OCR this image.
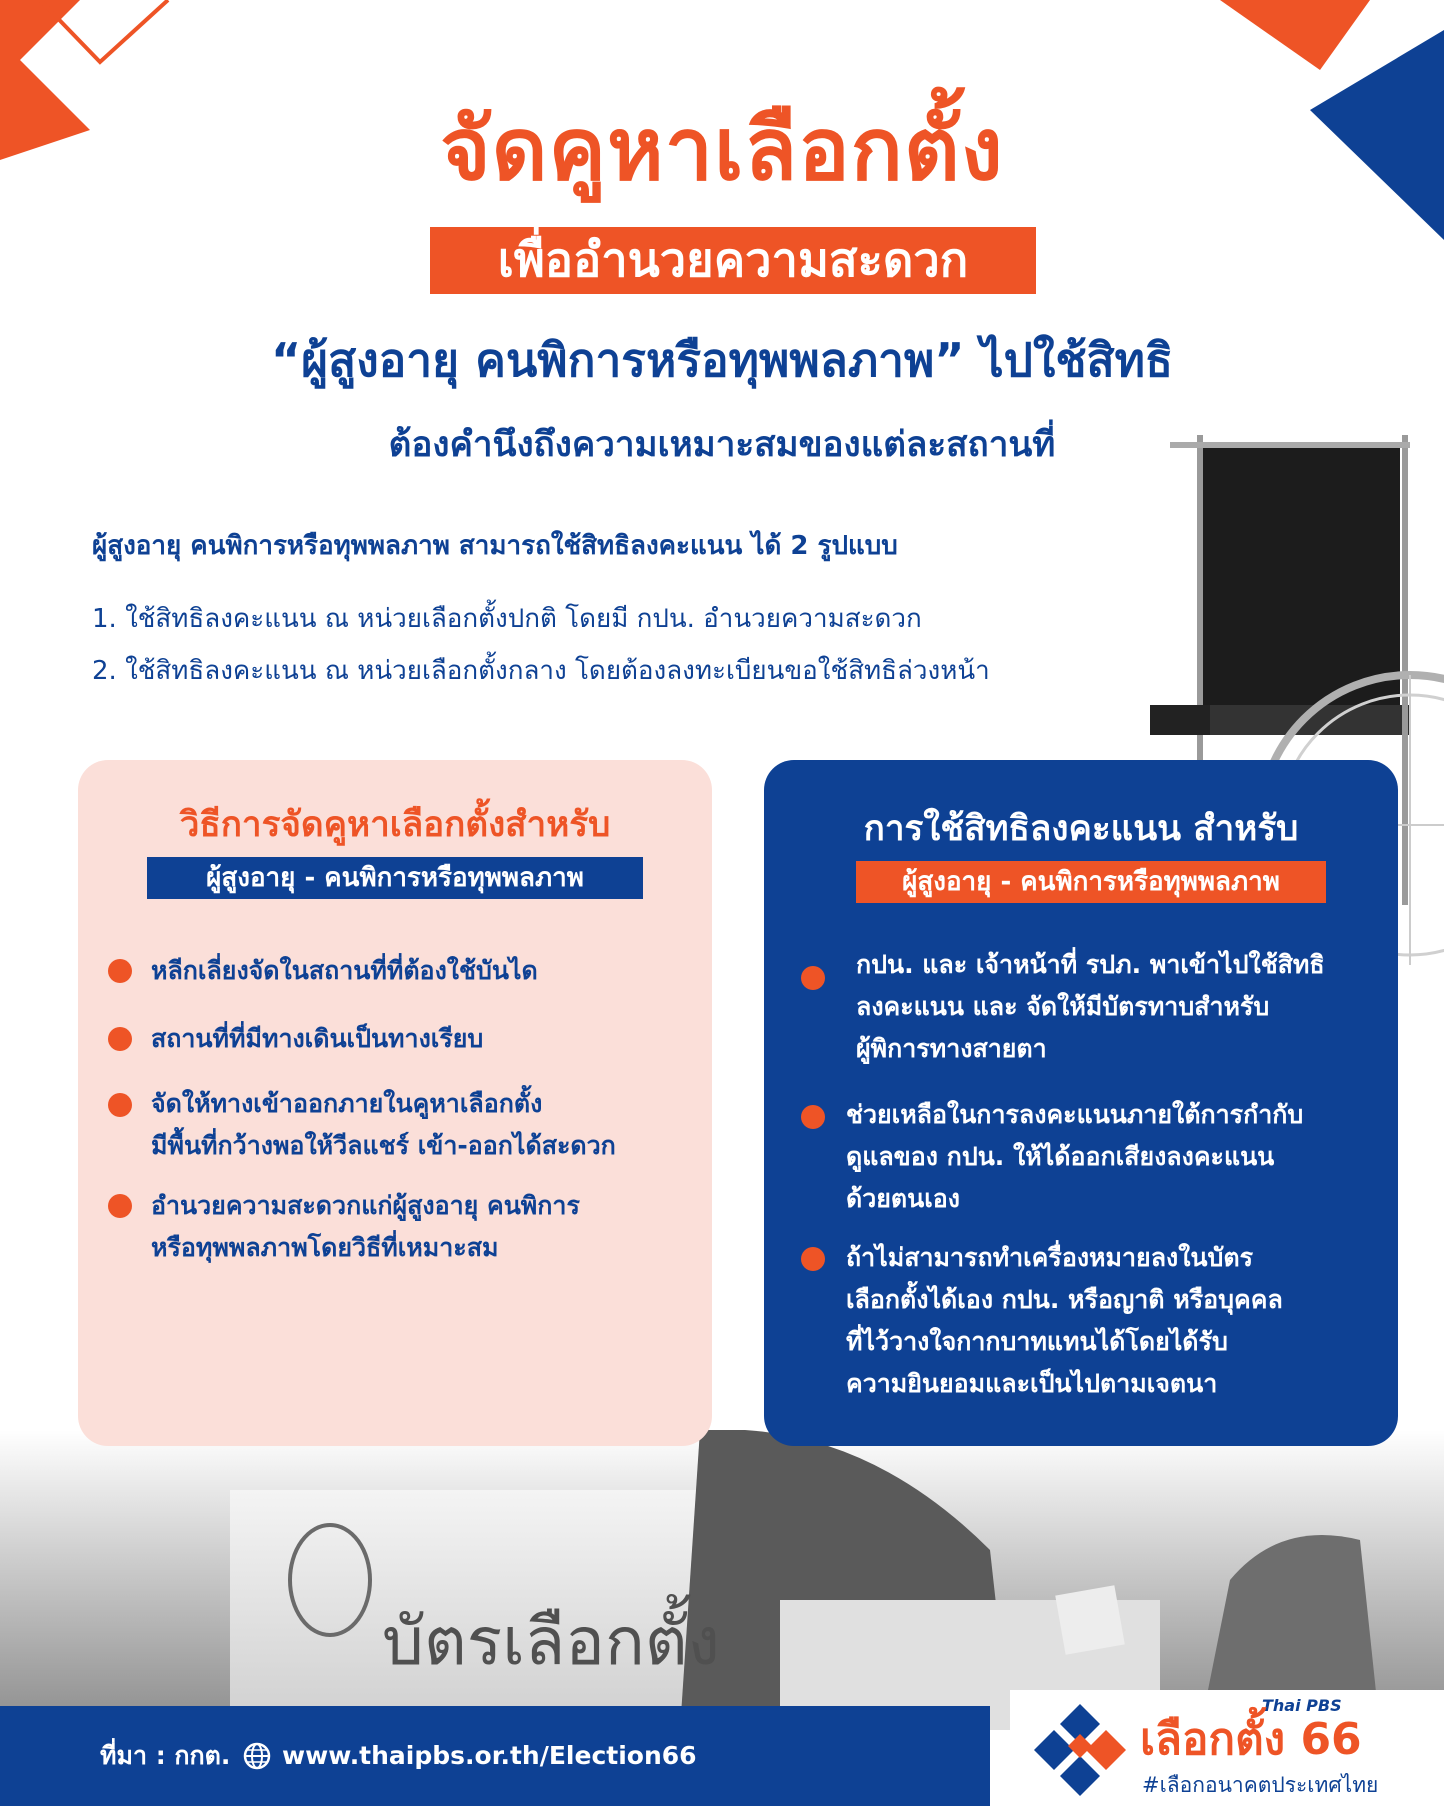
จัดคูหาเลือกตั้ง
เพื่ออำนวยความสะดวก
“ผู้สูงอายุ คนพิการหรือทุพพลภาพ” ไปใช้สิทธิ
ต้องคำนึงถึงความเหมาะสมของแต่ละสถานที่
ผู้สูงอายุ คนพิการหรือทุพพลภาพ สามารถใช้สิทธิลงคะแนน ได้ 2 รูปแบบ
1. ใช้สิทธิลงคะแนน ณ หน่วยเลือกตั้งปกติ โดยมี กปน. อำนวยความสะดวก
2. ใช้สิทธิลงคะแนน ณ หน่วยเลือกตั้งกลาง โดยต้องลงทะเบียนขอใช้สิทธิล่วงหน้า
บัตรเลือกตั้ง
วิธีการจัดคูหาเลือกตั้งสำหรับ
ผู้สูงอายุ - คนพิการหรือทุพพลภาพ
หลีกเลี่ยงจัดในสถานที่ที่ต้องใช้บันได
สถานที่ที่มีทางเดินเป็นทางเรียบ
จัดให้ทางเข้าออกภายในคูหาเลือกตั้ง
มีพื้นที่กว้างพอให้วีลแชร์ เข้า-ออกได้สะดวก
อำนวยความสะดวกแก่ผู้สูงอายุ คนพิการ
หรือทุพพลภาพโดยวิธีที่เหมาะสม
การใช้สิทธิลงคะแนน สำหรับ
ผู้สูงอายุ - คนพิการหรือทุพพลภาพ
กปน. และ เจ้าหน้าที่ รปภ. พาเข้าไปใช้สิทธิ
ลงคะแนน และ จัดให้มีบัตรทาบสำหรับ
ผู้พิการทางสายตา
ช่วยเหลือในการลงคะแนนภายใต้การกำกับ
ดูแลของ กปน. ให้ได้ออกเสียงลงคะแนน
ด้วยตนเอง
ถ้าไม่สามารถทำเครื่องหมายลงในบัตร
เลือกตั้งได้เอง กปน. หรือญาติ หรือบุคคล
ที่ไว้วางใจกากบาทแทนได้โดยได้รับ
ความยินยอมและเป็นไปตามเจตนา
ที่มา : กกต. www.thaipbs.or.th/Election66
Thai PBS
เลือกตั้ง 66
#เลือกอนาคตประเทศไทย
